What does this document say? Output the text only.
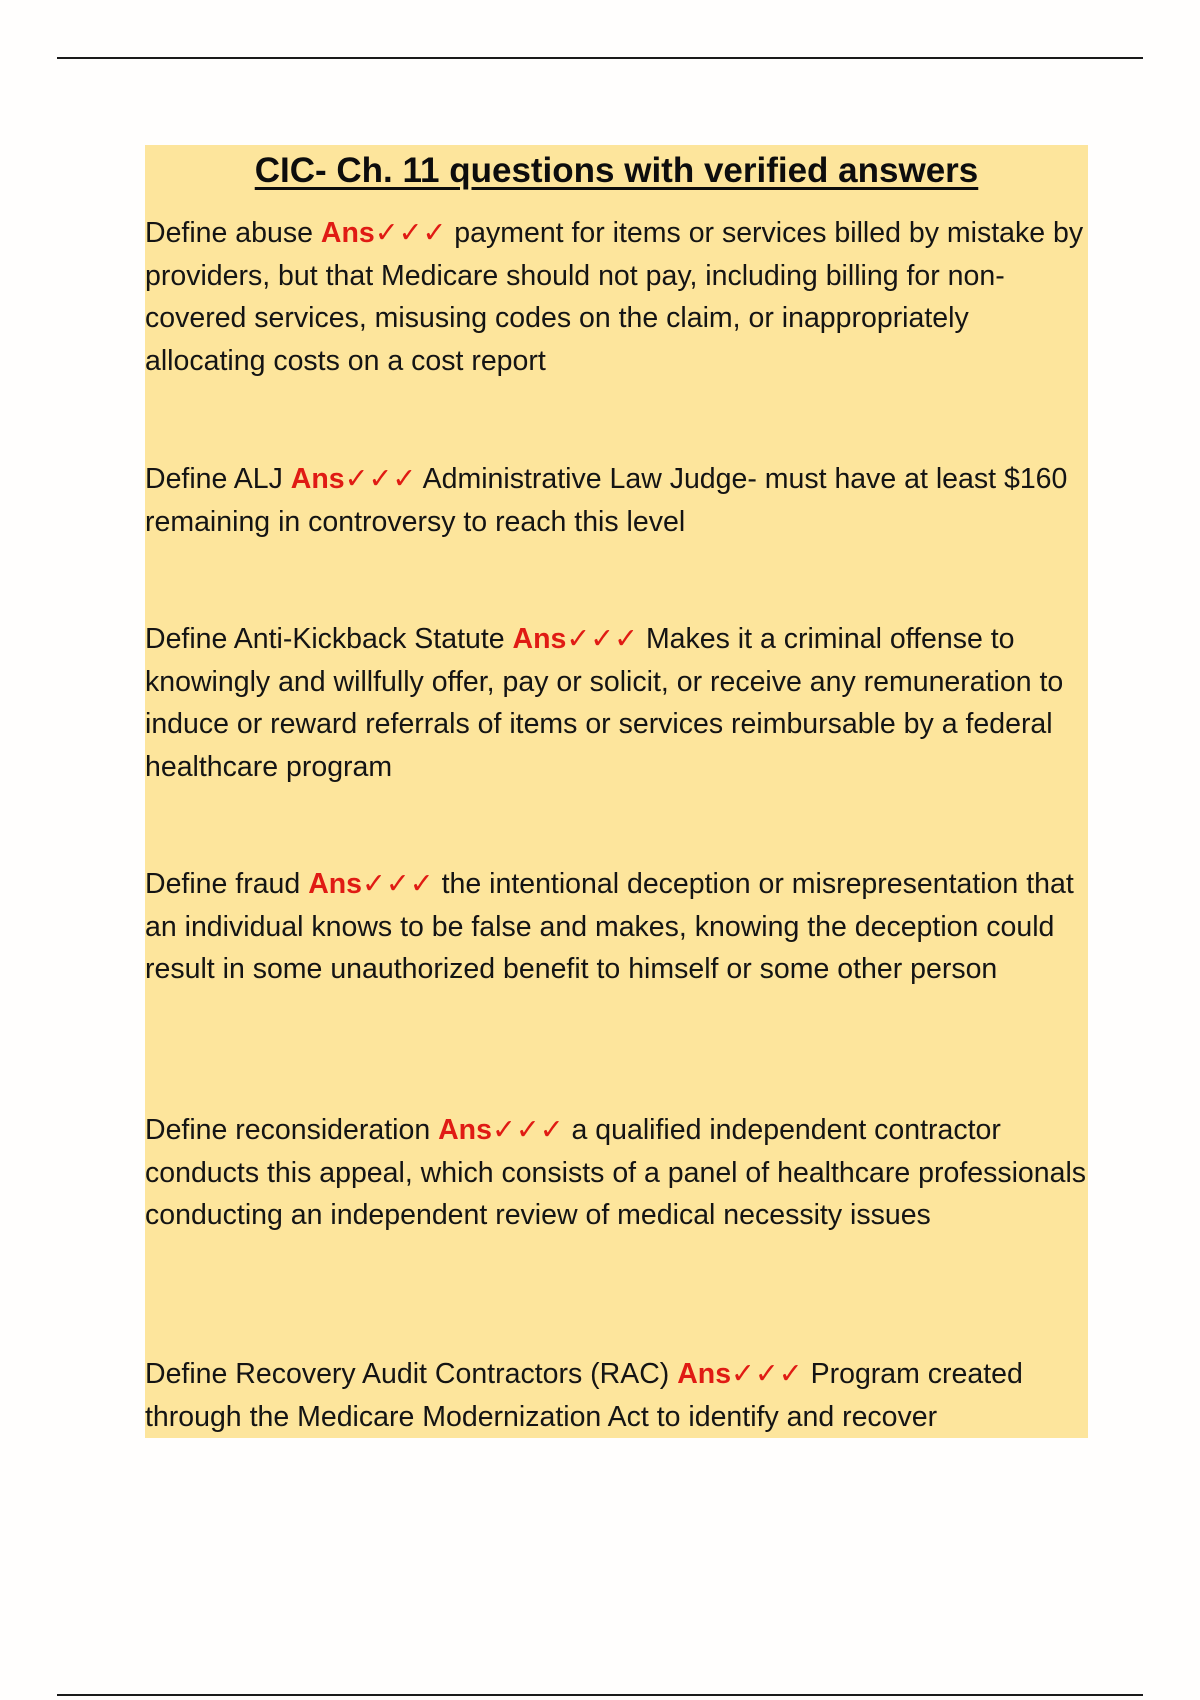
CIC- Ch. 11 questions with verified answers

Define abuse Ans✓✓✓ payment for items or services billed by mistake by providers, but that Medicare should not pay, including billing for non-covered services, misusing codes on the claim, or inappropriately allocating costs on a cost report

Define ALJ Ans✓✓✓ Administrative Law Judge- must have at least $160 remaining in controversy to reach this level

Define Anti-Kickback Statute Ans✓✓✓ Makes it a criminal offense to knowingly and willfully offer, pay or solicit, or receive any remuneration to induce or reward referrals of items or services reimbursable by a federal healthcare program

Define fraud Ans✓✓✓ the intentional deception or misrepresentation that an individual knows to be false and makes, knowing the deception could result in some unauthorized benefit to himself or some other person

Define reconsideration Ans✓✓✓ a qualified independent contractor conducts this appeal, which consists of a panel of healthcare professionals conducting an independent review of medical necessity issues

Define Recovery Audit Contractors (RAC) Ans✓✓✓ Program created through the Medicare Modernization Act to identify and recover
